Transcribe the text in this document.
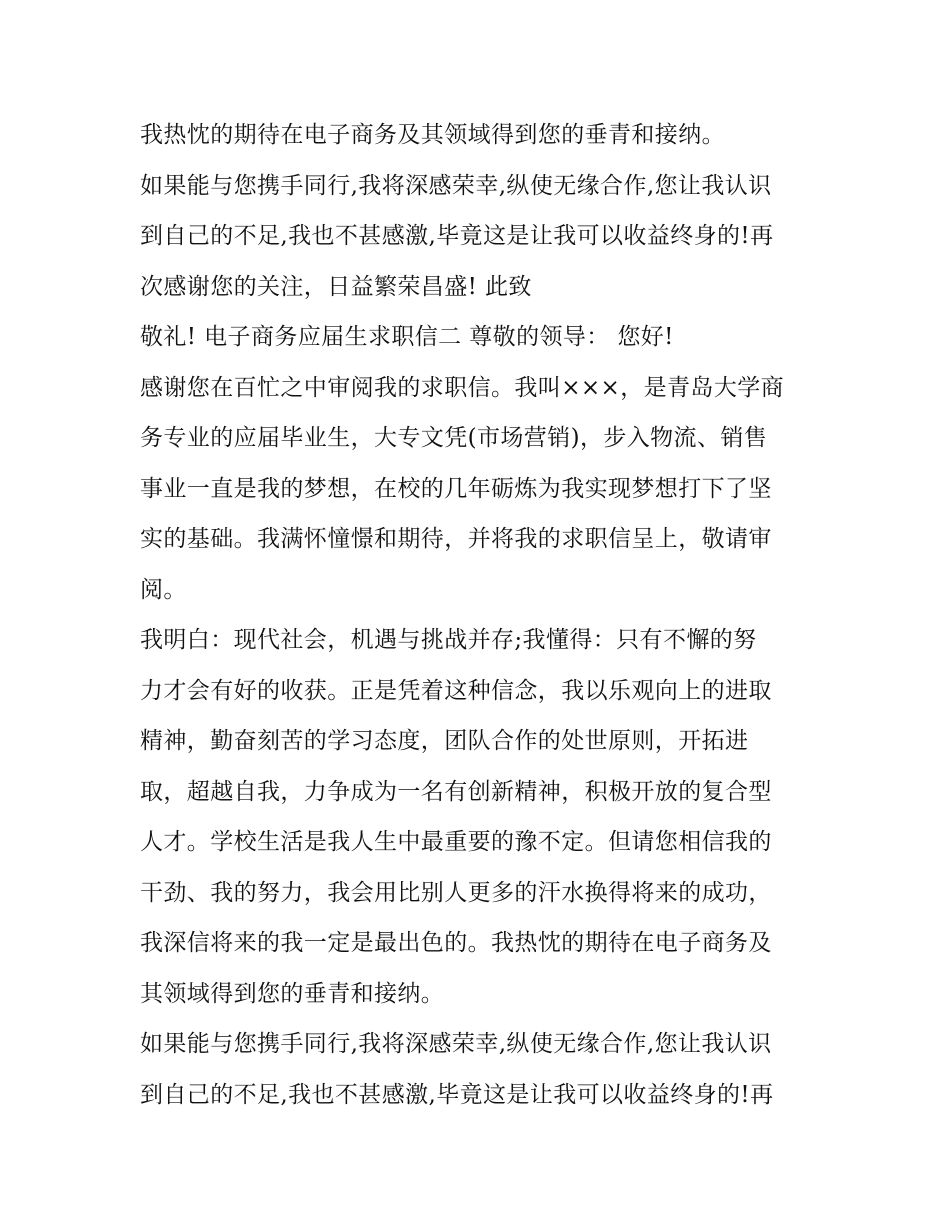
我热忱的期待在电子商务及其领域得到您的垂青和接纳。
如果能与您携手同行,我将深感荣幸,纵使无缘合作,您让我认识
到自己的不足,我也不甚感激,毕竟这是让我可以收益终身的!再
次感谢您的关注，日益繁荣昌盛! 此致
敬礼! 电子商务应届生求职信二 尊敬的领导： 您好!
感谢您在百忙之中审阅我的求职信。我叫×××，是青岛大学商
务专业的应届毕业生，大专文凭(市场营销)，步入物流、销售
事业一直是我的梦想，在校的几年砺炼为我实现梦想打下了坚
实的基础。我满怀憧憬和期待，并将我的求职信呈上，敬请审
阅。
我明白：现代社会，机遇与挑战并存;我懂得：只有不懈的努
力才会有好的收获。正是凭着这种信念，我以乐观向上的进取
精神，勤奋刻苦的学习态度，团队合作的处世原则，开拓进
取，超越自我，力争成为一名有创新精神，积极开放的复合型
人才。学校生活是我人生中最重要的豫不定。但请您相信我的
干劲、我的努力，我会用比别人更多的汗水换得将来的成功，
我深信将来的我一定是最出色的。我热忱的期待在电子商务及
其领域得到您的垂青和接纳。
如果能与您携手同行,我将深感荣幸,纵使无缘合作,您让我认识
到自己的不足,我也不甚感激,毕竟这是让我可以收益终身的!再
